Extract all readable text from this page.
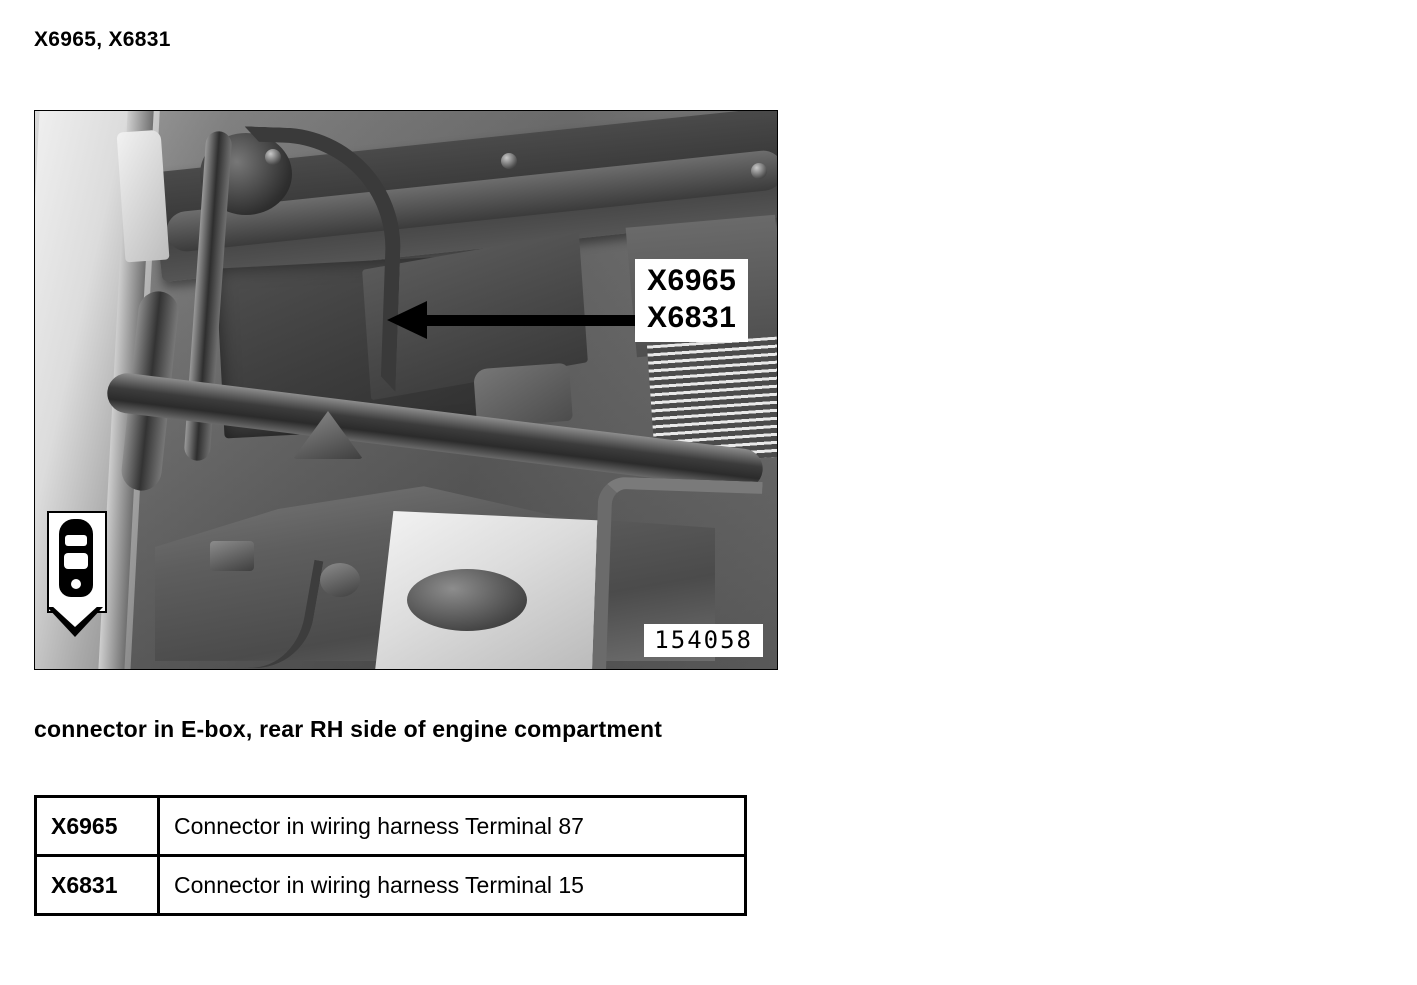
X6965, X6831
X6965
X6831
154058
connector in E-box, rear RH side of engine compartment
X6965	Connector in wiring harness Terminal 87
X6831	Connector in wiring harness Terminal 15
